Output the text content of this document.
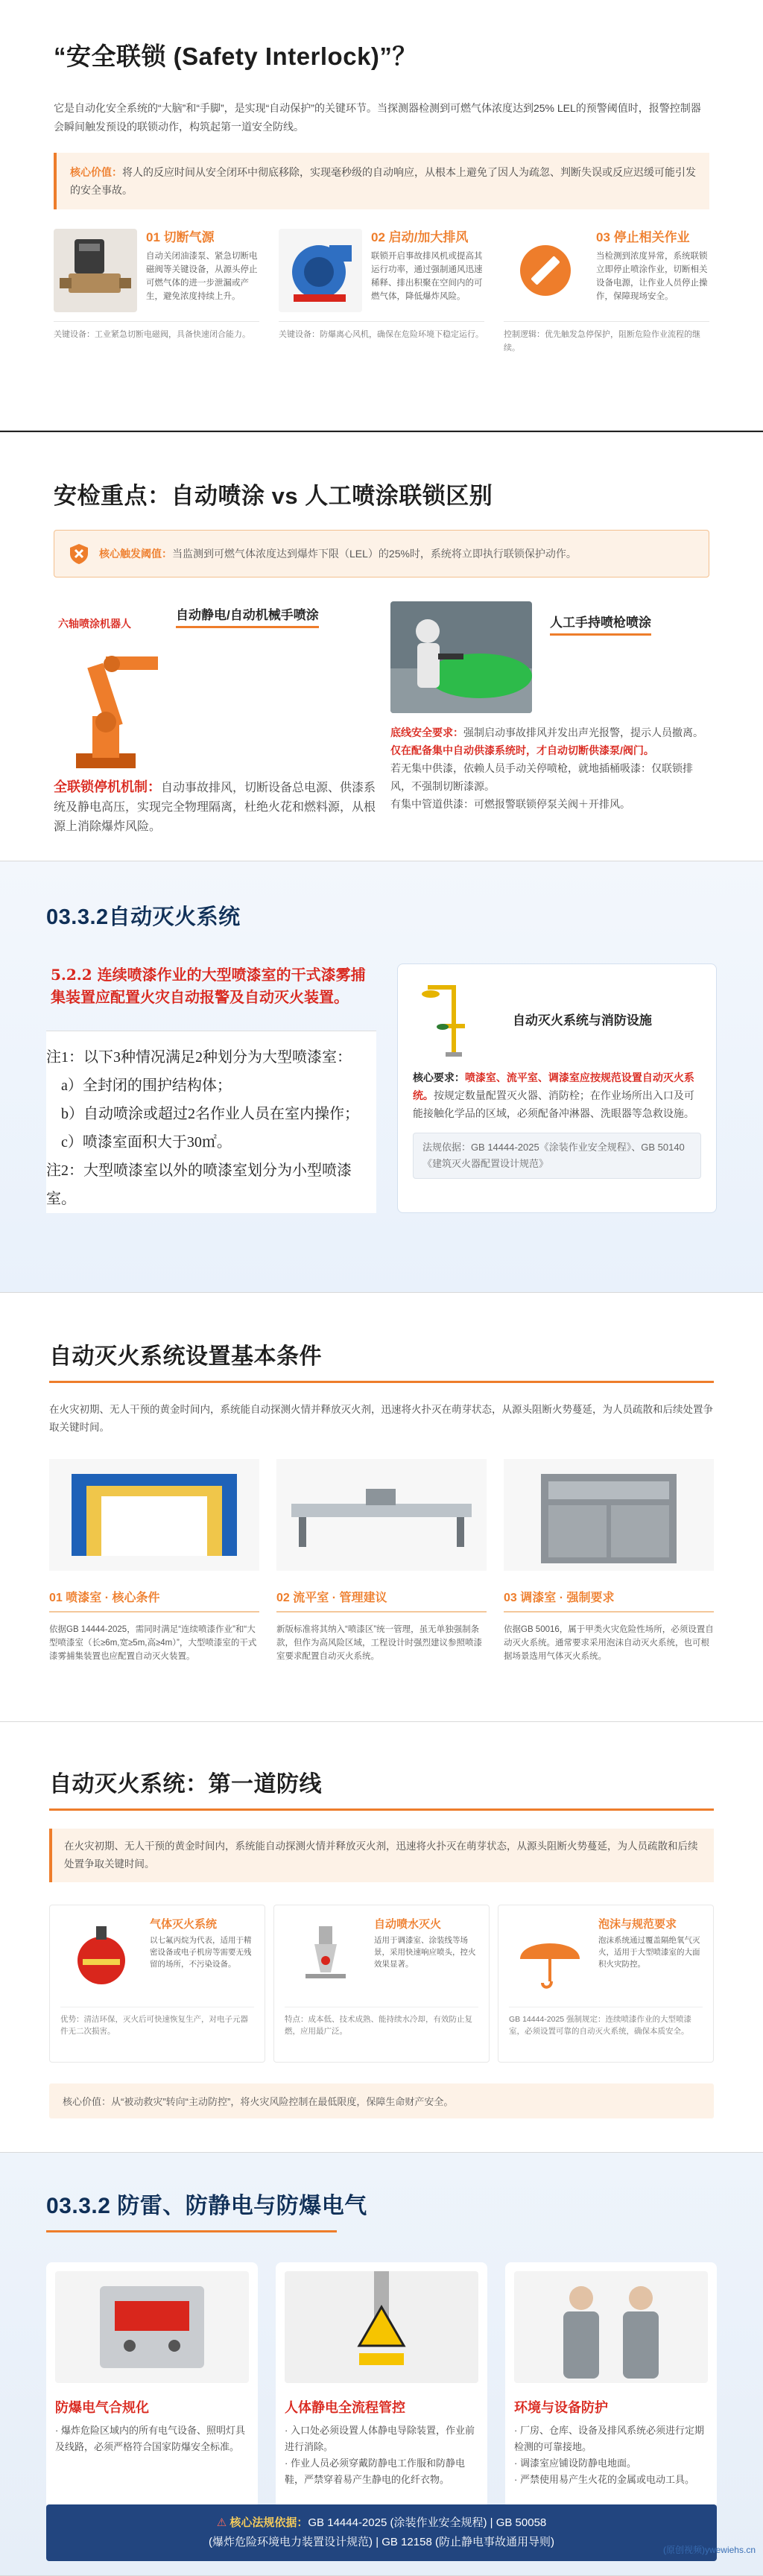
“安全联锁 (Safety Interlock)”？

它是自动化安全系统的“大脑”和“手脚”，是实现“自动保护”的关键环节。当探测器检测到可燃气体浓度达到25% LEL的预警阈值时，报警控制器会瞬间触发预设的联锁动作，构筑起第一道安全防线。

核心价值：将人的反应时间从安全闭环中彻底移除，实现毫秒级的自动响应，从根本上避免了因人为疏忽、判断失误或反应迟缓可能引发的安全事故。
01 切断气源
自动关闭油漆泵、紧急切断电磁阀等关键设备，从源头停止可燃气体的进一步泄漏或产生，避免浓度持续上升。
关键设备：工业紧急切断电磁阀，具备快速闭合能力。
02 启动/加大排风
联锁开启事故排风机或提高其运行功率，通过强制通风迅速稀释、排出积聚在空间内的可燃气体，降低爆炸风险。
关键设备：防爆离心风机，确保在危险环境下稳定运行。
03 停止相关作业
当检测到浓度异常，系统联锁立即停止喷涂作业，切断相关设备电源，让作业人员停止操作，保障现场安全。
控制逻辑：优先触发急停保护，阻断危险作业流程的继续。
安检重点：自动喷涂 vs 人工喷涂联锁区别
核心触发阈值： 当监测到可燃气体浓度达到爆炸下限（LEL）的25%时，系统将立即执行联锁保护动作。
六轴喷涂机器人
自动静电/自动机械手喷涂
全联锁停机机制：自动事故排风，切断设备总电源、供漆系统及静电高压，实现完全物理隔离，杜绝火花和燃料源，从根源上消除爆炸风险。
人工手持喷枪喷涂
底线安全要求：强制启动事故排风并发出声光报警，提示人员撤离。仅在配备集中自动供漆系统时，才自动切断供漆泵/阀门。
若无集中供漆，依赖人员手动关停喷枪，就地插桶吸漆：仅联锁排风，不强制切断漆源。
有集中管道供漆：可燃报警联锁停泵关阀＋开排风。
03.3.2自动灭火系统
5.2.2 连续喷漆作业的大型喷漆室的干式漆雾捕集装置应配置火灾自动报警及自动灭火装置。
注1：以下3种情况满足2种划分为大型喷漆室：
a）全封闭的围护结构体；
b）自动喷涂或超过2名作业人员在室内操作；
c）喷漆室面积大于30㎡。
注2：大型喷漆室以外的喷漆室划分为小型喷漆室。
自动灭火系统与消防设施
核心要求：喷漆室、流平室、调漆室应按规范设置自动灭火系统。按规定数量配置灭火器、消防栓；在作业场所出入口及可能接触化学品的区域，必须配备冲淋器、洗眼器等急救设施。
法规依据：GB 14444-2025《涂装作业安全规程》、GB 50140《建筑灭火器配置设计规范》
自动灭火系统设置基本条件

在火灾初期、无人干预的黄金时间内，系统能自动探测火情并释放灭火剂，迅速将火扑灭在萌芽状态，从源头阻断火势蔓延，为人员疏散和后续处置争取关键时间。

01 喷漆室 · 核心条件
依据GB 14444-2025，需同时满足“连续喷漆作业”和“大型喷漆室（长≥6m,宽≥5m,高≥4m）”，大型喷漆室的干式漆雾捕集装置也应配置自动灭火装置。
02 流平室 · 管理建议
新版标准将其纳入“喷漆区”统一管理，虽无单独强制条款，但作为高风险区域，工程设计时强烈建议参照喷漆室要求配置自动灭火系统。
03 调漆室 · 强制要求
依据GB 50016，属于甲类火灾危险性场所，必须设置自动灭火系统。通常要求采用泡沫自动灭火系统，也可根据场景选用气体灭火系统。
自动灭火系统：第一道防线

在火灾初期、无人干预的黄金时间内，系统能自动探测火情并释放灭火剂，迅速将火扑灭在萌芽状态，从源头阻断火势蔓延，为人员疏散和后续处置争取关键时间。

气体灭火系统
以七氟丙烷为代表，适用于精密设备或电子机房等需要无残留的场所，不污染设备。
优势：清洁环保，灭火后可快速恢复生产，对电子元器件无二次损害。
自动喷水灭火
适用于调漆室、涂装线等场景，采用快速响应喷头，控火效果显著。
特点：成本低、技术成熟、能持续水冷却，有效防止复燃，应用最广泛。
泡沫与规范要求
泡沫系统通过覆盖隔绝氧气灭火，适用于大型喷漆室的大面积火灾防控。
GB 14444-2025 强制规定：连续喷漆作业的大型喷漆室，必须设置可靠的自动灭火系统，确保本质安全。
核心价值：从“被动救灾”转向“主动防控”，将火灾风险控制在最低限度，保障生命财产安全。
03.3.2 防雷、防静电与防爆电气
防爆电气合规化
· 爆炸危险区域内的所有电气设备、照明灯具及线路，必须严格符合国家防爆安全标准。
人体静电全流程管控
· 入口处必须设置人体静电导除装置，作业前进行消除。
· 作业人员必须穿戴防静电工作服和防静电鞋，严禁穿着易产生静电的化纤衣物。
环境与设备防护
· 厂房、仓库、设备及排风系统必须进行定期检测的可靠接地。
· 调漆室应铺设防静电地面。
· 严禁使用易产生火花的金属或电动工具。
⚠ 核心法规依据：GB 14444-2025 (涂装作业安全规程) | GB 50058
(爆炸危险环境电力装置设计规范) | GB 12158 (防止静电事故通用导则)
(原创视频)ywewiehs.cn
